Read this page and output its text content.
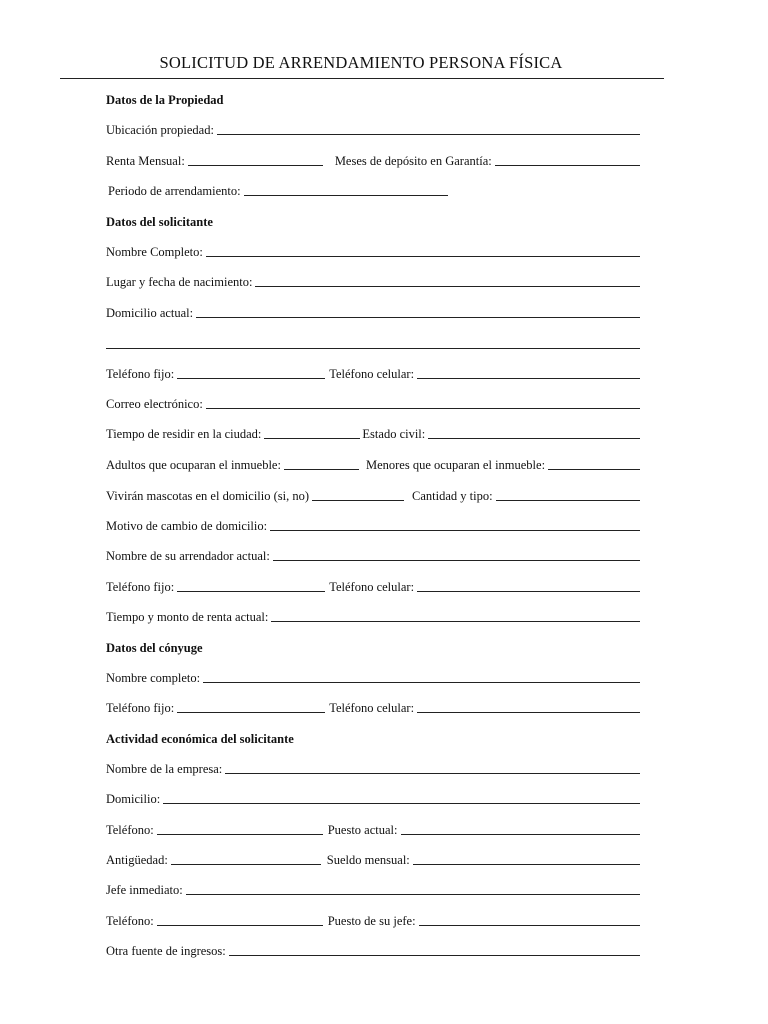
SOLICITUD DE ARRENDAMIENTO PERSONA FÍSICA
Datos de la Propiedad
Ubicación propiedad:
Renta Mensual:	Meses de depósito en Garantía:
Periodo de arrendamiento:
Datos del solicitante
Nombre Completo:
Lugar y fecha de nacimiento:
Domicilio actual:
Teléfono fijo:	Teléfono celular:
Correo electrónico:
Tiempo de residir en la ciudad:	Estado civil:
Adultos que ocuparan el inmueble:	Menores que ocuparan el inmueble:
Vivirán mascotas en el domicilio (si, no)	Cantidad y tipo:
Motivo de cambio de domicilio:
Nombre de su arrendador actual:
Teléfono fijo:	Teléfono celular:
Tiempo y monto de renta actual:
Datos del cónyuge
Nombre completo:
Teléfono fijo:	Teléfono celular:
Actividad económica del solicitante
Nombre de la empresa:
Domicilio:
Teléfono:	Puesto actual:
Antigüedad:	Sueldo mensual:
Jefe inmediato:
Teléfono:	Puesto de su jefe:
Otra fuente de ingresos:
